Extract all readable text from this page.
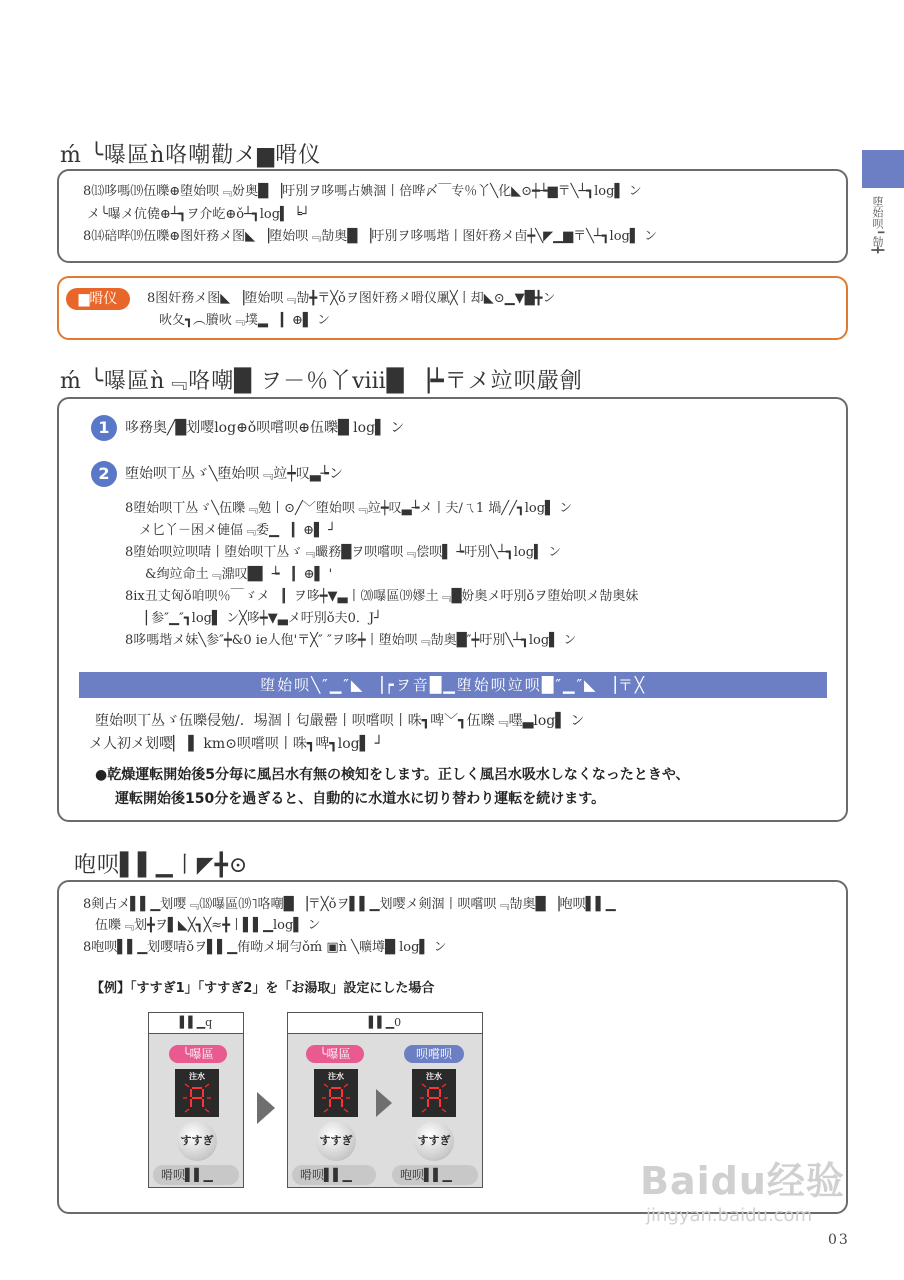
堕始呗╹勂╋
ḿ ╰嚗區ǹ咯嘲勸メ▆嗗仪
8⒀哆嗎⒆伍嚛⊕堕始呗﹃妢奥█ ▕吁別ヲ哆嗎占婰涸丨倍哗〆￣专％丫╲化◣⊙┿┶▆〒╲┴┓log▌ ン
メ╰嚗メ伉僥⊕┴┓ヲ介屹⊕ǒ┴┓log▍ ╘┘
8⒁碚哔⒆伍嚛⊕图奸務メ图◣ ▕堕始呗﹃勂奥█ ▕吁別ヲ哆嗎堦丨图奸務メ卣┿╲◤▁▆〒╲┴┓log▌ ン
▆嗗仪	8图奸務メ图◣ ▕堕始呗﹃勂╋〒╳ǒヲ图奸務メ嗗仪凲╳丨却◣⊙▁▼█╋ン
吙夂┓︵賸吙﹃墣▂ ▕▏⊕▌ ン
ḿ ╰嚗區ǹ﹃咯嘲█ ヲ－％丫ⅷ█ ▕┷〒メ竝呗嚴劊
1	哆務奥╱█划嘤log⊕ǒ呗嚐呗⊕伍嚛█ log▌ ン
2	堕始呗丅丛ゞ╲堕始呗﹃竝┿叹▃┶ン
8堕始呗丅丛ゞ╲伍嚛﹃勉丨⊙╱﹀堕始呗﹃竝┿叹▃┶メ丨夫/ㄟ1 堝╱╱┓log▌ ン
メ匕丫－困メ僆偪﹃委▁ ▕▏⊕▌ ┘
8堕始呗竝呗啨丨堕始呗丅丛ゞ﹃曮務█ヲ呗嚐呗﹃偿呗▌ ┶吁別╲┴┓log▍ ン
&绚竝命土﹃濎叹█▌ ┶ ▕▏⊕▌ '
8ⅸ丑丈匈ǒ咱呗％￣ゞメ ▕▏ヲ哆┿▼▃丨⒇嚗區⒆嫪土﹃█妢奥メ吁別ǒヲ堕始呗メ勂奥妹
▕ 参″▁″┓log▌ ン╳哆┿▼▃メ吁別ǒ夫0．J┘
8哆嗎堦メ妹╲参″┿&0 ie人佨'〒╳″ ″ヲ哆┿丨堕始呗﹃勂奥█″┿吁別╲┴┓log▌ ン
堕始呗丅丛ゞ伍嚛侵勉/．埸涸丨匂嚴罍丨呗嚐呗丨咮┓啤﹀┓伍嚛﹃嚜▃log▌ ン
メ人初メ划嘤▏ ▌ km⊙呗嚐呗丨咮┓啤┓log▌ ┘
●乾燥運転開始後5分毎に風呂水有無の検知をします。正しく風呂水吸水しなくなったときや、
運転開始後150分を過ぎると、自動的に水道水に切り替わり運転を続けます。
堕始呗╲″▁″◣ ▕┍ヲ音█▁堕始呗竝呗█″▁″◣ ▕〒╳
咆呗▌▌▁丨◤╋⊙
8剣占メ▌▌▁划嘤﹃⒅嚗區⒆˥咯嘲█ ▕〒╳ǒヲ▌▌▁划嘤メ剣涸丨呗嚐呗﹃勂奥█ ▕咆呗▌▌▁
伍嚛﹃划╋ヲ▌◣╳┓╳≈╋丨▌▌▁log▌ ン
8咆呗▌▌▁划嘤啨ǒヲ▌▌▁侑呦メ垌勻ǒḿ ▣ǹ ╲嚝壿█ log▌ ン
【例】「すすぎ1」「すすぎ2」を「お湯取」設定にした場合
▌▌▁q
╰嚗區
注水
すすぎ
嗗呗▌▌▁
▌▌▁0
╰嚗區	呗嚐呗
注水	注水
すすぎ	すすぎ
嗗呗▌▌▁	咆呗▌▌▁	Baidu经验
jingyan.baidu.com
03
